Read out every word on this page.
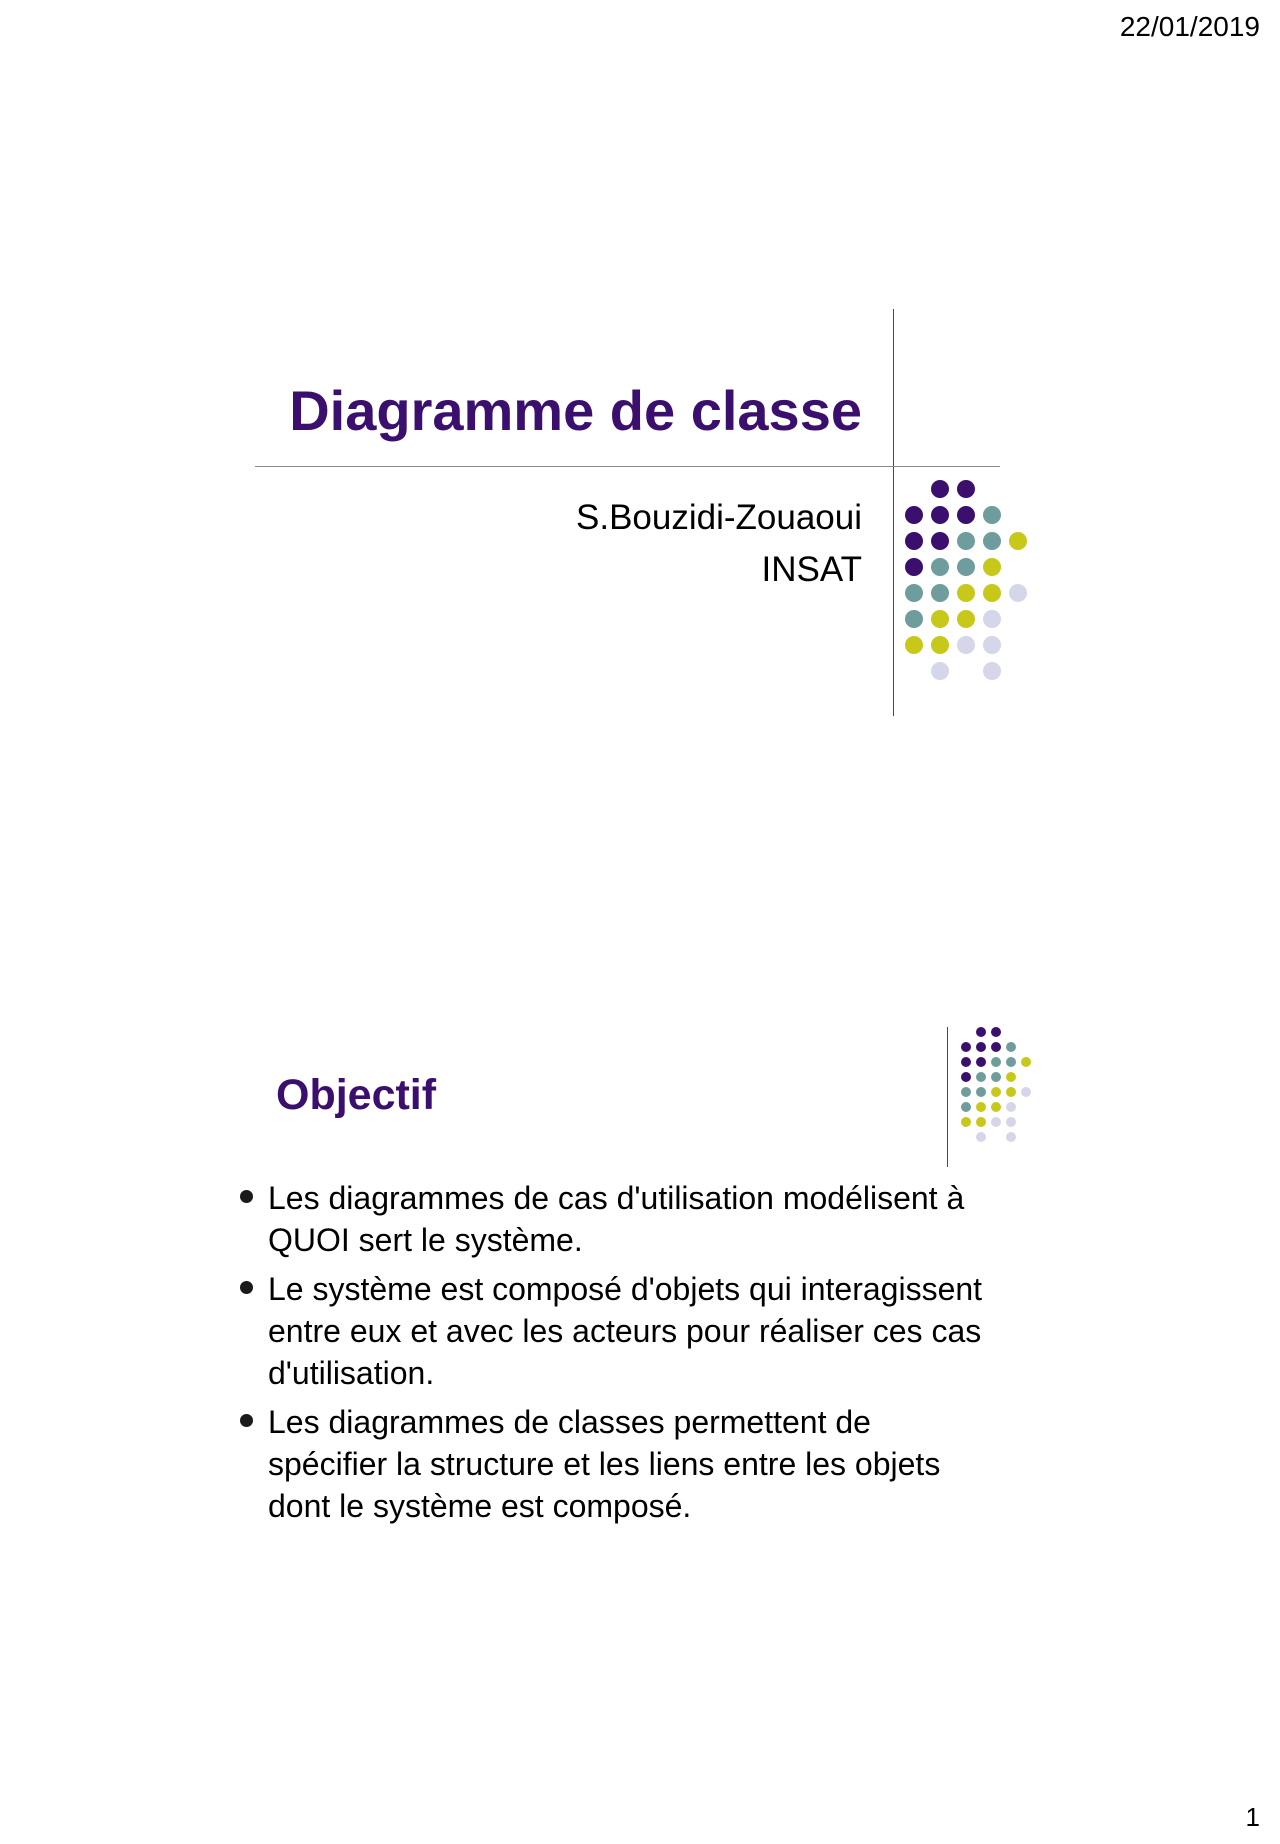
22/01/2019
Diagramme de classe
S.Bouzidi-Zouaoui
INSAT
Objectif
Les diagrammes de cas d'utilisation modélisent à
QUOI sert le système.
Le système est composé d'objets qui interagissent
entre eux et avec les acteurs pour réaliser ces cas
d'utilisation.
Les diagrammes de classes permettent de
spécifier la structure et les liens entre les objets
dont le système est composé.
1
